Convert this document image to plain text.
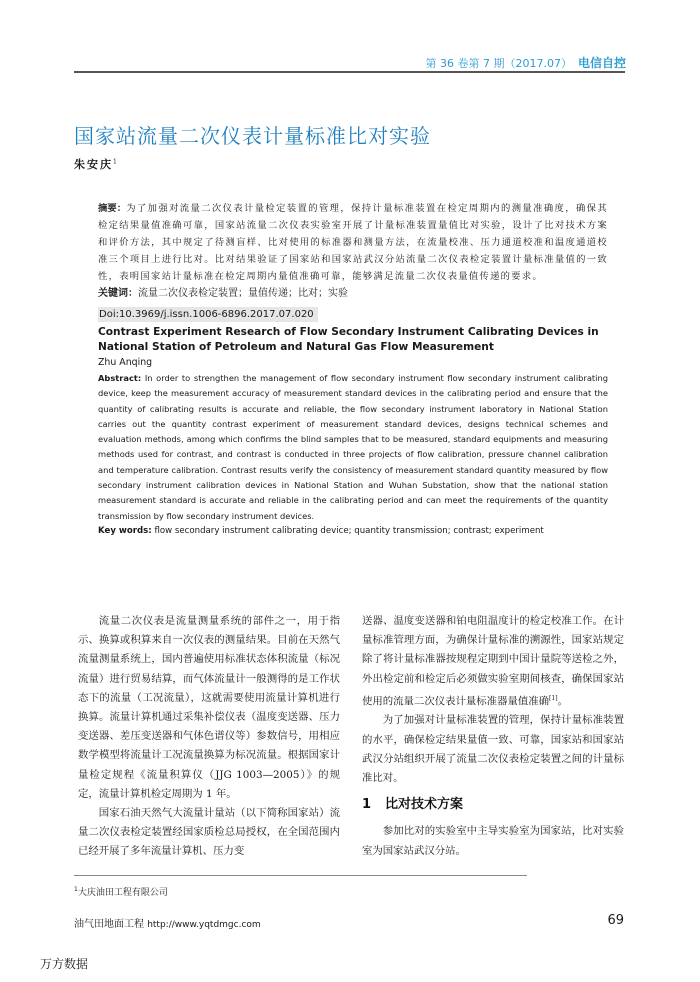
第 36 卷第 7 期（2017.07） 电信自控
国家站流量二次仪表计量标准比对实验
朱安庆$^1$

摘要：为了加强对流量二次仪表计量检定装置的管理，保持计量标准装置在检定周期内的测量准确度，确保其检定结果量值准确可靠，国家站流量二次仪表实验室开展了计量标准装置量值比对实验，设计了比对技术方案和评价方法，其中规定了待测盲样、比对使用的标准器和测量方法，在流量校准、压力通道校准和温度通道校准三个项目上进行比对。比对结果验证了国家站和国家站武汉分站流量二次仪表检定装置计量标准量值的一致性，表明国家站计量标准在检定周期内量值准确可靠，能够满足流量二次仪表量值传递的要求。

关键词：流量二次仪表检定装置；量值传递；比对；实验

Doi:10.3969/j.issn.1006-6896.2017.07.020

Contrast Experiment Research of Flow Secondary Instrument Calibrating Devices in National Station of Petroleum and Natural Gas Flow Measurement

Zhu Anqing

Abstract: In order to strengthen the management of flow secondary instrument flow secondary instrument calibrating device, keep the measurement accuracy of measurement standard devices in the calibrating period and ensure that the quantity of calibrating results is accurate and reliable, the flow secondary instrument laboratory in National Station carries out the quantity contrast experiment of measurement standard devices, designs technical schemes and evaluation methods, among which confirms the blind samples that to be measured, standard equipments and measuring methods used for contrast, and contrast is conducted in three projects of flow calibration, pressure channel calibration and temperature calibration. Contrast results verify the consistency of measurement standard quantity measured by flow secondary instrument calibration devices in National Station and Wuhan Substation, show that the national station measurement standard is accurate and reliable in the calibrating period and can meet the requirements of the quantity transmission by flow secondary instrument devices.

Key words: flow secondary instrument calibrating device; quantity transmission; contrast; experiment

流量二次仪表是流量测量系统的部件之一，用于指示、换算或积算来自一次仪表的测量结果。目前在天然气流量测量系统上，国内普遍使用标准状态体积流量（标况流量）进行贸易结算，而气体流量计一般测得的是工作状态下的流量（工况流量），这就需要使用流量计算机进行换算。流量计算机通过采集补偿仪表（温度变送器、压力变送器、差压变送器和气体色谱仪等）参数信号，用相应数学模型将流量计工况流量换算为标况流量。根据国家计量检定规程《流量积算仪（JJG 1003—2005）》的规定，流量计算机检定周期为 1 年。

国家石油天然气大流量计量站（以下简称国家站）流量二次仪表检定装置经国家质检总局授权，在全国范围内已经开展了多年流量计算机、压力变

送器、温度变送器和铂电阻温度计的检定校准工作。在计量标准管理方面，为确保计量标准的溯源性，国家站规定除了将计量标准器按规程定期到中国计量院等送检之外，外出检定前和检定后必须做实验室期间核查，确保国家站使用的流量二次仪表计量标准器量值准确[1]。

为了加强对计量标准装置的管理，保持计量标准装置的水平，确保检定结果量值一致、可靠，国家站和国家站武汉分站组织开展了流量二次仪表检定装置之间的计量标准比对。

1 比对技术方案

参加比对的实验室中主导实验室为国家站，比对实验室为国家站武汉分站。

$^1$大庆油田工程有限公司
油气田地面工程 http://www.yqtdmgc.com	69
万方数据
